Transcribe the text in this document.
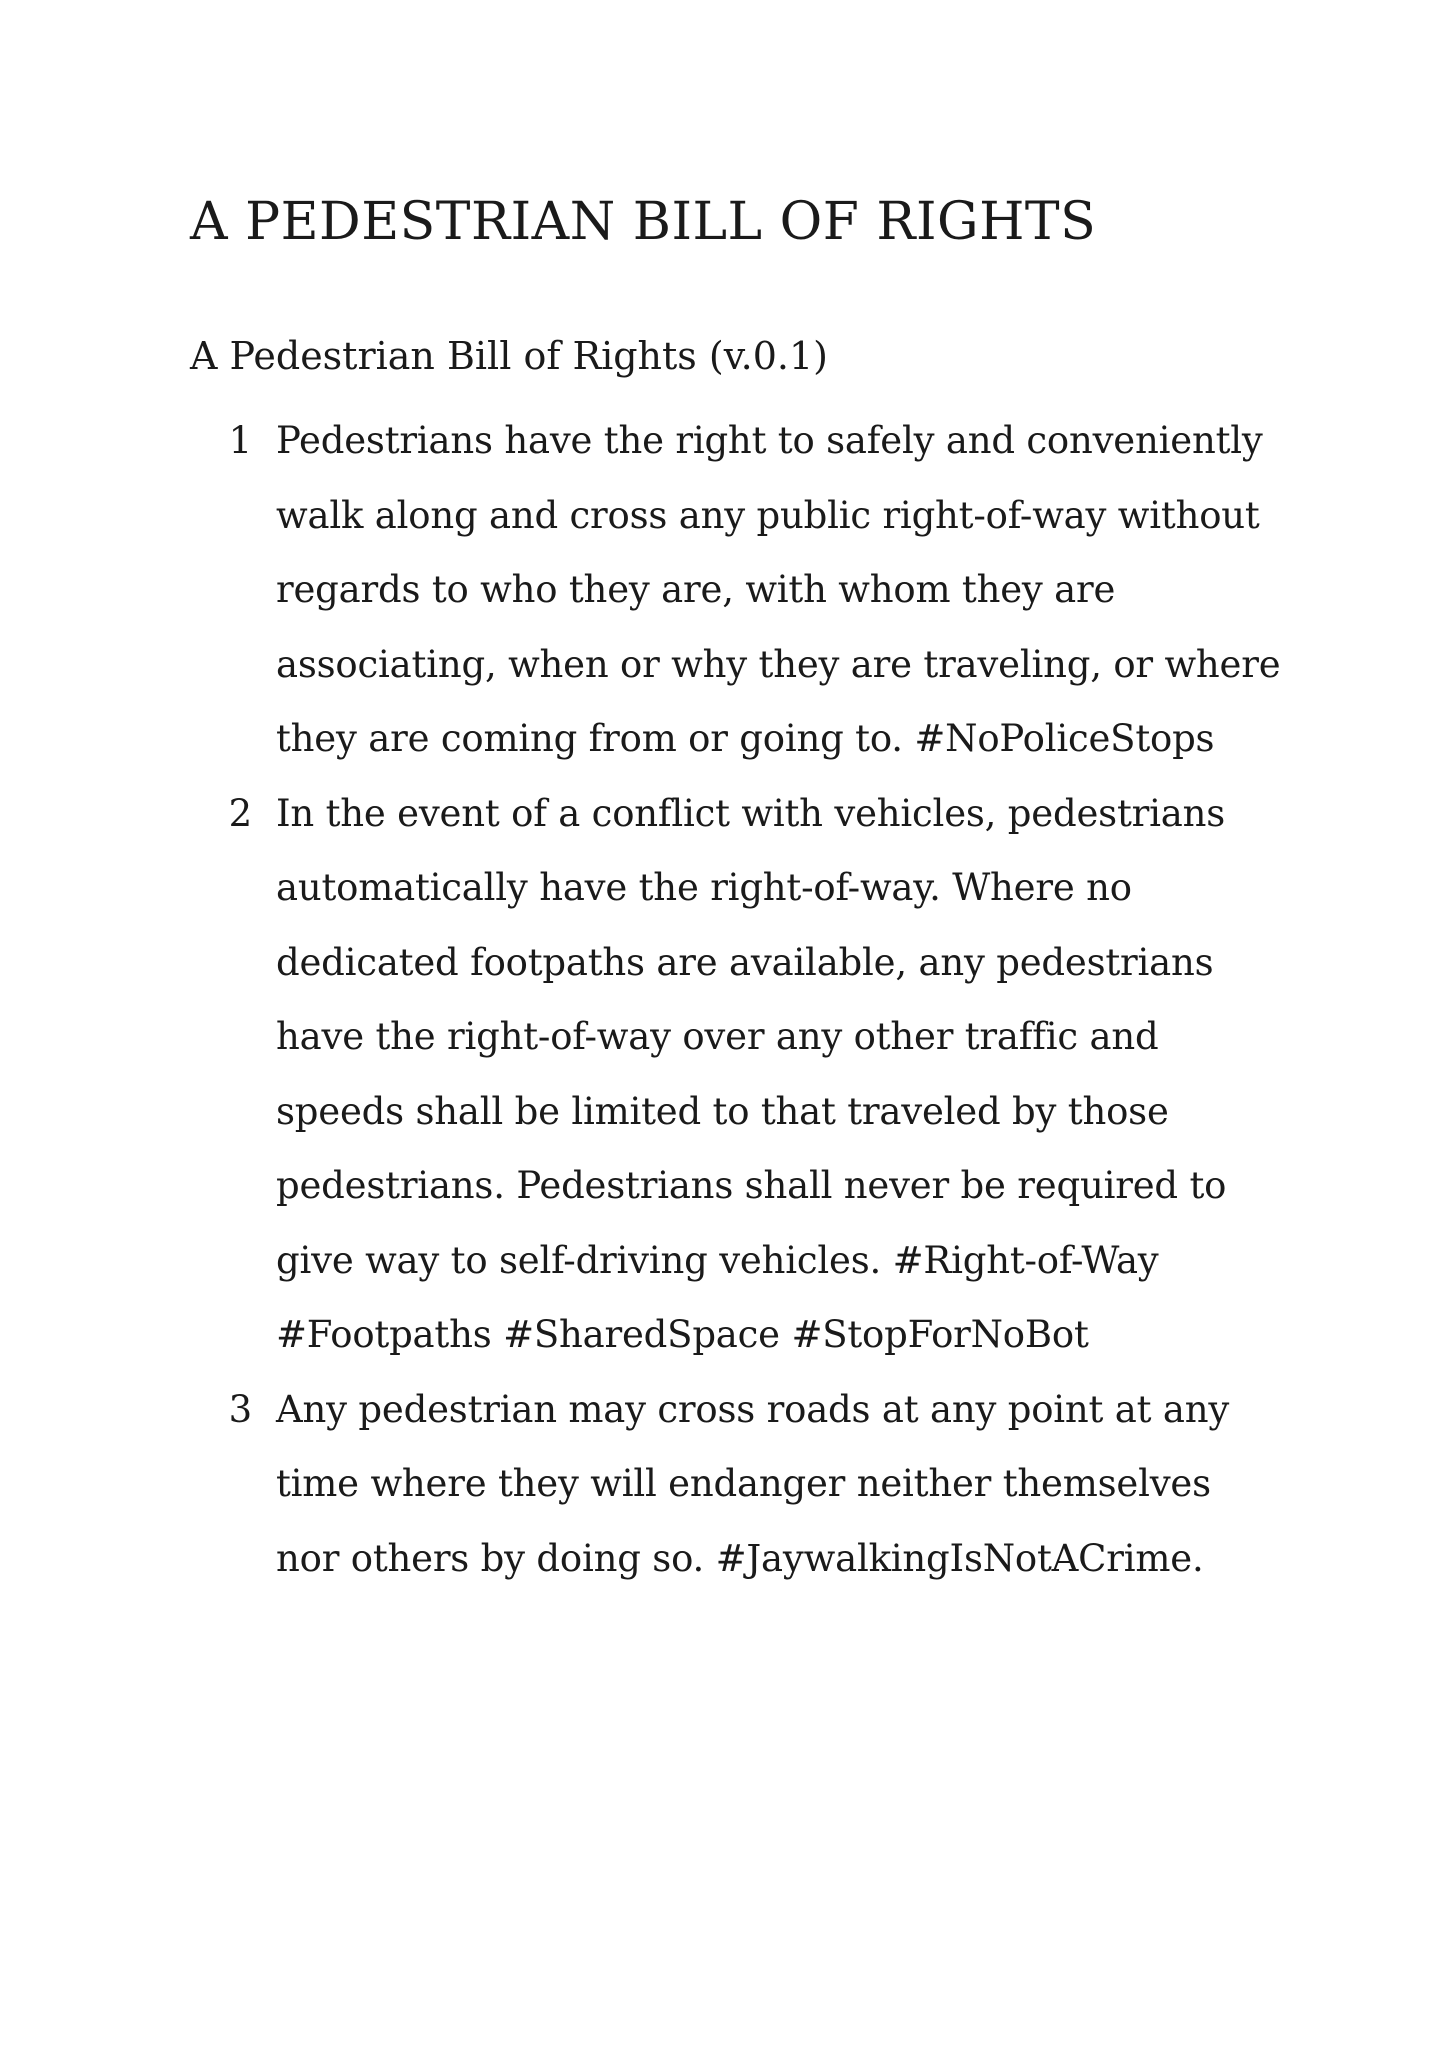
A PEDESTRIAN BILL OF RIGHTS
A Pedestrian Bill of Rights (v.0.1)
1 Pedestrians have the right to safely and conveniently walk along and cross any public right-of-way without regards to who they are, with whom they are associating, when or why they are traveling, or where they are coming from or going to. #NoPoliceStops
2 In the event of a conflict with vehicles, pedestrians automatically have the right-of-way. Where no dedicated footpaths are available, any pedestrians have the right-of-way over any other traffic and speeds shall be limited to that traveled by those pedestrians. Pedestrians shall never be required to give way to self-driving vehicles. #Right-of-Way #Footpaths #SharedSpace #StopForNoBot
3 Any pedestrian may cross roads at any point at any time where they will endanger neither themselves nor others by doing so. #JaywalkingIsNotACrime.
